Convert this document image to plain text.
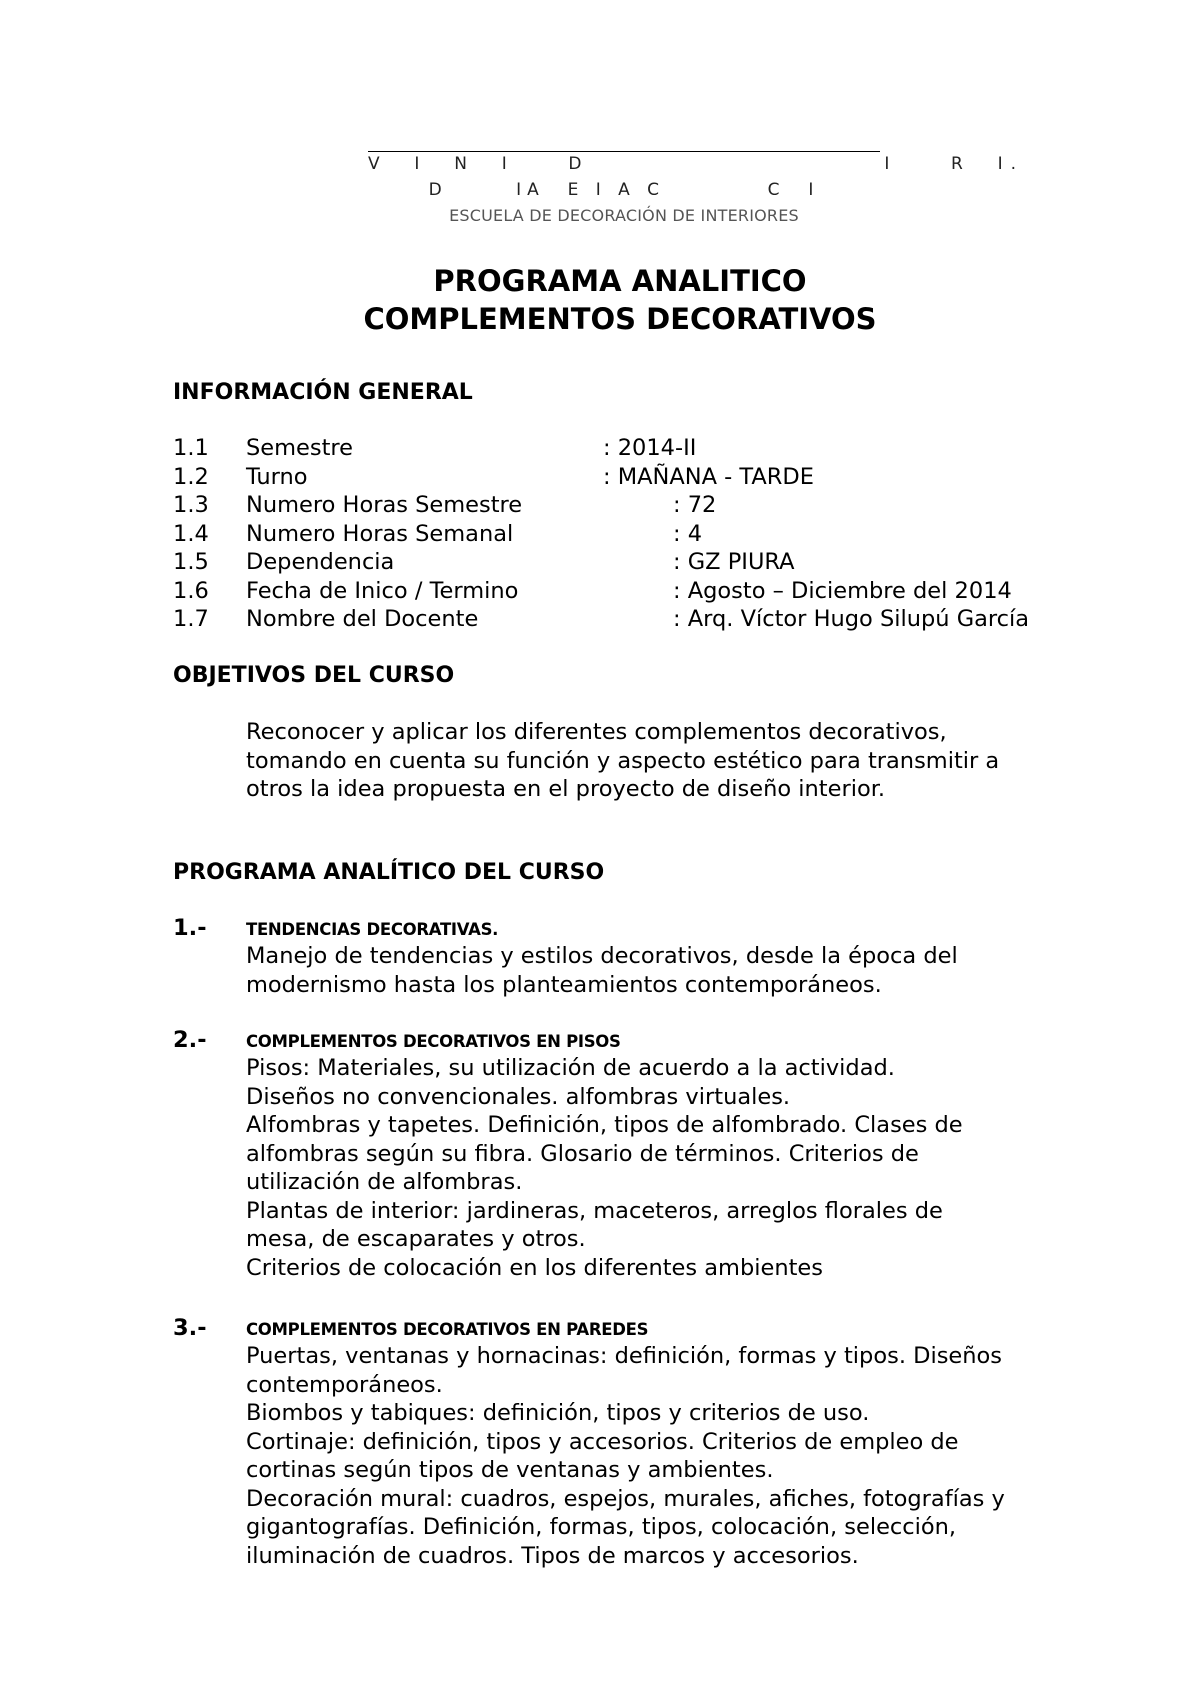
V  I  N  I    D                      I    R  I.
D      IA  E I A C         C  I
ESCUELA DE DECORACIÓN DE INTERIORES
PROGRAMA ANALITICO
COMPLEMENTOS DECORATIVOS
INFORMACIÓN GENERAL
1.1 Semestre	: 2014-II
1.2 Turno	: MAÑANA - TARDE
1.3 Numero Horas Semestre	: 72
1.4 Numero Horas Semanal	: 4
1.5 Dependencia	: GZ PIURA
1.6 Fecha de Inico / Termino	: Agosto – Diciembre del 2014
1.7 Nombre del Docente	: Arq. Víctor Hugo Silupú García
OBJETIVOS DEL CURSO
Reconocer y aplicar los diferentes complementos decorativos,
tomando en cuenta su función y aspecto estético para transmitir a
otros la idea propuesta en el proyecto de diseño interior.
PROGRAMA ANALÍTICO DEL CURSO
1.- TENDENCIAS DECORATIVAS.
Manejo de tendencias y estilos decorativos, desde la época del
modernismo hasta los planteamientos contemporáneos.
2.- COMPLEMENTOS DECORATIVOS EN PISOS
Pisos: Materiales, su utilización de acuerdo a la actividad.
Diseños no convencionales. alfombras virtuales.
Alfombras y tapetes. Definición, tipos de alfombrado. Clases de
alfombras según su fibra. Glosario de términos. Criterios de
utilización de alfombras.
Plantas de interior: jardineras, maceteros, arreglos florales de
mesa, de escaparates y otros.
Criterios de colocación en los diferentes ambientes
3.- COMPLEMENTOS DECORATIVOS EN PAREDES
Puertas, ventanas y hornacinas: definición, formas y tipos. Diseños
contemporáneos.
Biombos y tabiques: definición, tipos y criterios de uso.
Cortinaje: definición, tipos y accesorios. Criterios de empleo de
cortinas según tipos de ventanas y ambientes.
Decoración mural: cuadros, espejos, murales, afiches, fotografías y
gigantografías. Definición, formas, tipos, colocación, selección,
iluminación de cuadros. Tipos de marcos y accesorios.
